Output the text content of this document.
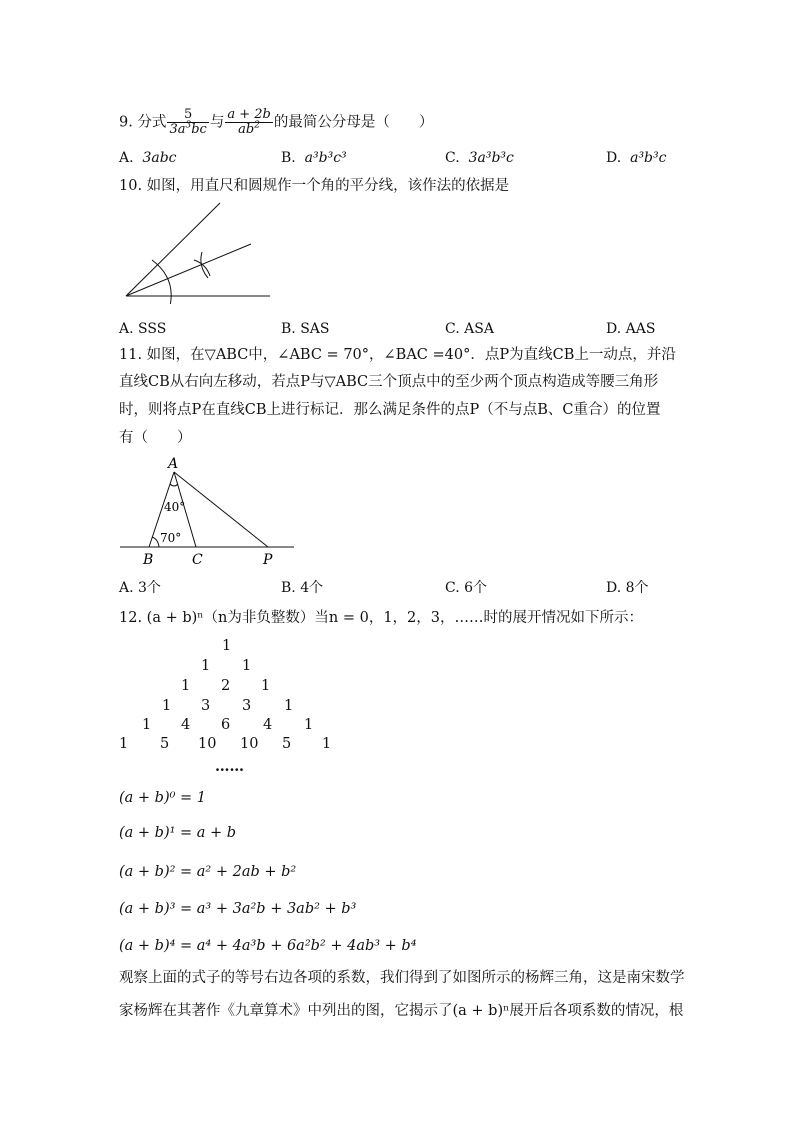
9. 分式 $\frac{5}{3a^3bc}$ 与 $\frac{a + 2b}{ab^2}$ 的最简公分母是（　　）
A. 3abc	B. a³b³c³	C. 3a³b³c	D. a³b³c
10. 如图，用直尺和圆规作一个角的平分线，该作法的依据是
A. SSS	B. SAS	C. ASA	D. AAS
11. 如图，在▽ABC中，∠ABC = 70°，∠BAC =40°．点P为直线CB上一动点，并沿
直线CB从右向左移动，若点P与▽ABC三个顶点中的至少两个顶点构造成等腰三角形
时，则将点P在直线CB上进行标记．那么满足条件的点P（不与点B、C重合）的位置
有（　　）
A
B	C	P
40°
70°
A. 3个	B. 4个	C. 6个	D. 8个
12. (a + b)ⁿ（n为非负整数）当n = 0，1，2，3，……时的展开情况如下所示：
1
1 1
1 2 1
1 3 3 1
1 4 6 4 1
1 5 10 10 5 1
……
(a + b)⁰ = 1
(a + b)¹ = a + b
(a + b)² = a² + 2ab + b²
(a + b)³ = a³ + 3a²b + 3ab² + b³
(a + b)⁴ = a⁴ + 4a³b + 6a²b² + 4ab³ + b⁴
观察上面的式子的等号右边各项的系数，我们得到了如图所示的杨辉三角，这是南宋数学
家杨辉在其著作《九章算术》中列出的图，它揭示了(a + b)ⁿ展开后各项系数的情况，根
